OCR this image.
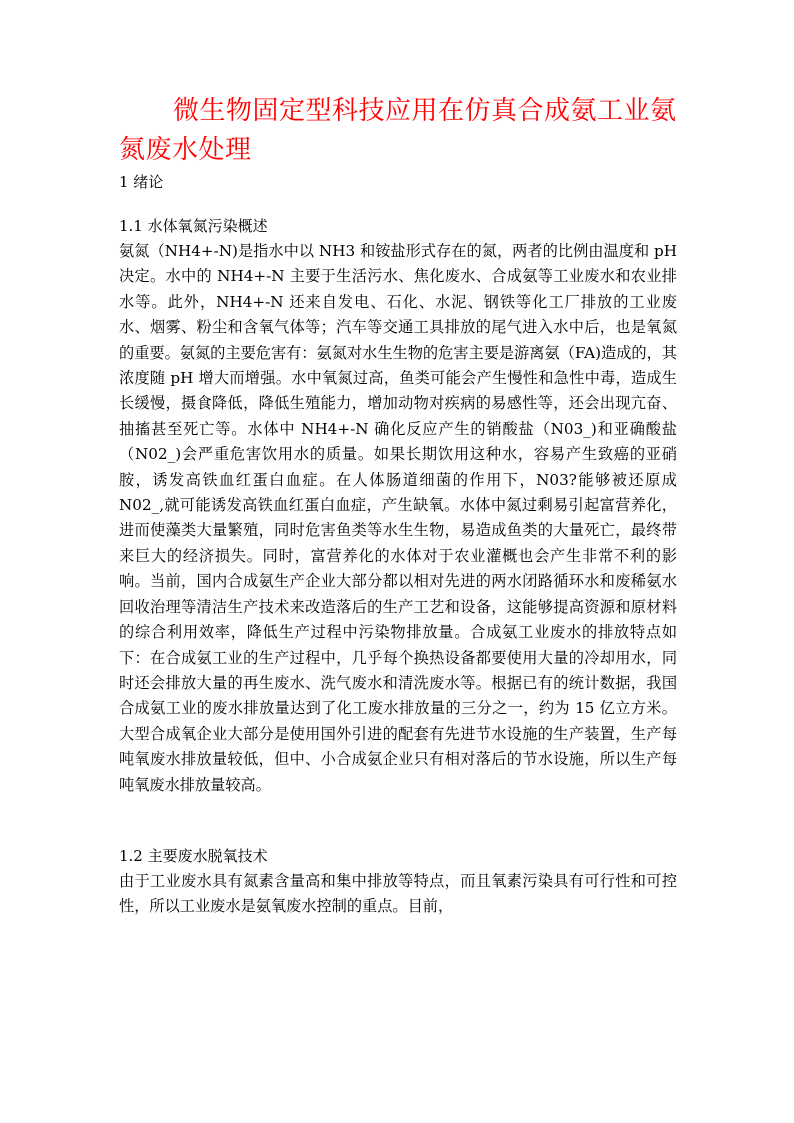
微生物固定型科技应用在仿真合成氨工业氨氮废水处理

1 绪论

1.1 水体氧氮污染概述

氨氮（NH4+-N)是指水中以 NH3 和铵盐形式存在的氮，两者的比例由温度和 pH 决定。水中的 NH4+-N 主要于生活污水、焦化废水、合成氨等工业废水和农业排水等。此外，NH4+-N 还来自发电、石化、水泥、钢铁等化工厂排放的工业废水、烟雾、粉尘和含氧气体等；汽车等交通工具排放的尾气进入水中后，也是氧氮的重要。氨氮的主要危害有：氨氮对水生生物的危害主要是游离氨（FA)造成的，其浓度随 pH 增大而增强。水中氧氮过高，鱼类可能会产生慢性和急性中毒，造成生长缓慢，摄食降低，降低生殖能力，增加动物对疾病的易感性等，还会出现亢奋、抽搐甚至死亡等。水体中 NH4+-N 确化反应产生的销酸盐（N03_)和亚确酸盐（N02_)会严重危害饮用水的质量。如果长期饮用这种水，容易产生致癌的亚硝胺，诱发高铁血红蛋白血症。在人体肠道细菌的作用下，N03?能够被还原成 N02_,就可能诱发高铁血红蛋白血症，产生缺氧。水体中氮过剩易引起富营养化，进而使藻类大量繁殖，同时危害鱼类等水生生物，易造成鱼类的大量死亡，最终带来巨大的经济损失。同时，富营养化的水体对于农业灌概也会产生非常不利的影响。当前，国内合成氨生产企业大部分都以相对先进的两水闭路循环水和废稀氨水回收治理等清洁生产技术来改造落后的生产工艺和设备，这能够提高资源和原材料的综合利用效率，降低生产过程中污染物排放量。合成氨工业废水的排放特点如下：在合成氨工业的生产过程中，几乎每个换热设备都要使用大量的冷却用水，同时还会排放大量的再生废水、洗气废水和清洗废水等。根据已有的统计数据，我国合成氨工业的废水排放量达到了化工废水排放量的三分之一，约为 15 亿立方米。大型合成氧企业大部分是使用国外引进的配套有先进节水设施的生产装置，生产每吨氧废水排放量较低，但中、小合成氨企业只有相对落后的节水设施，所以生产每吨氧废水排放量较高。

1.2 主要废水脱氧技术

由于工业废水具有氮素含量高和集中排放等特点，而且氧素污染具有可行性和可控性，所以工业废水是氨氧废水控制的重点。目前，
